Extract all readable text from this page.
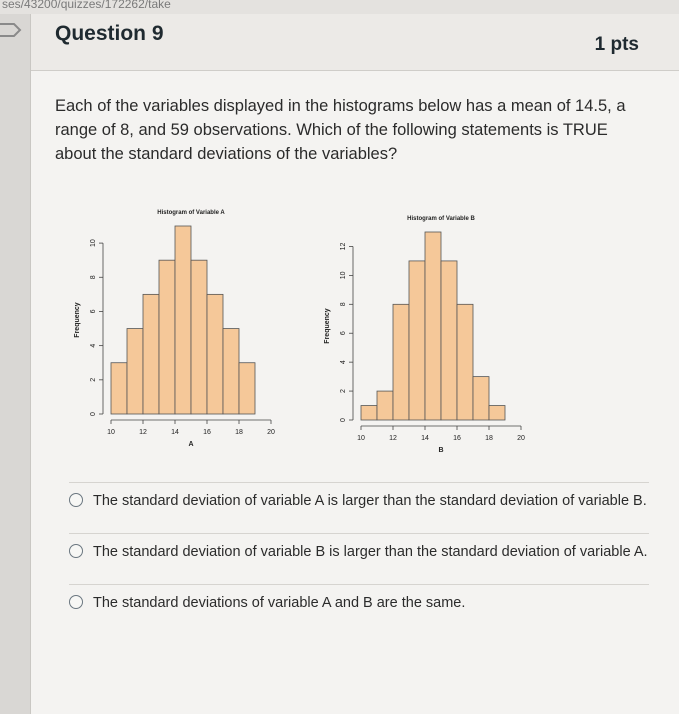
ses/43200/quizzes/172262/take
Question 9	1 pts
Each of the variables displayed in the histograms below has a mean of 14.5, a range of 8, and 59 observations. Which of the following statements is TRUE about the standard deviations of the variables?
Histogram of Variable A
10	12	14	16	18	20
A
0
2
4
6
8
10
Frequency
Histogram of Variable B
10	12	14	16	18	20
B
0
2
4
6
8
10
12
Frequency
The standard deviation of variable A is larger than the standard deviation of variable B.
The standard deviation of variable B is larger than the standard deviation of variable A.
The standard deviations of variable A and B are the same.
